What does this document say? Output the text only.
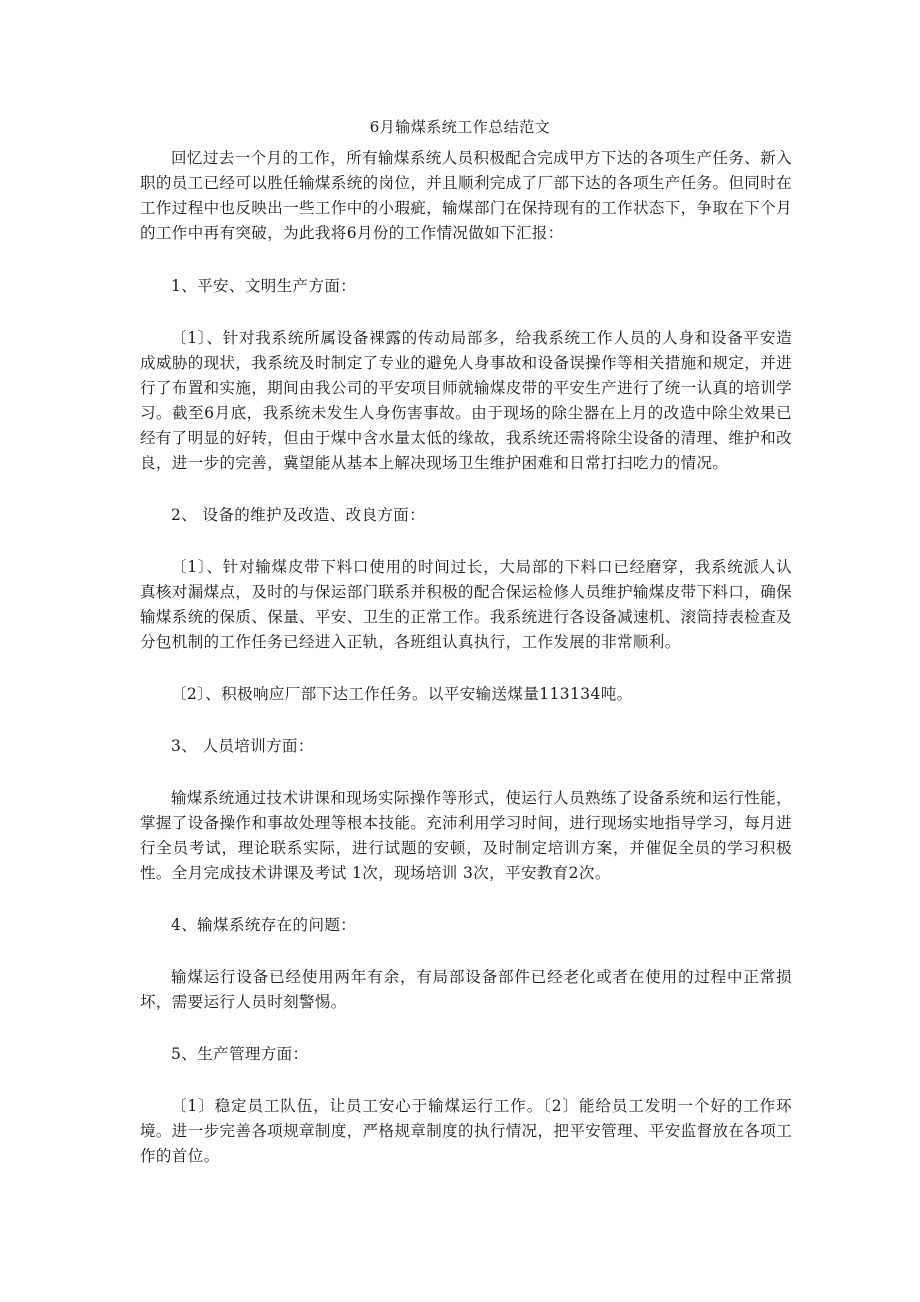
6月输煤系统工作总结范文

回忆过去一个月的工作，所有输煤系统人员积极配合完成甲方下达的各项生产任务、新入职的员工已经可以胜任输煤系统的岗位，并且顺利完成了厂部下达的各项生产任务。但同时在工作过程中也反映出一些工作中的小瑕疵，输煤部门在保持现有的工作状态下，争取在下个月的工作中再有突破，为此我将6月份的工作情况做如下汇报：

1、平安、文明生产方面：

〔1〕、针对我系统所属设备裸露的传动局部多，给我系统工作人员的人身和设备平安造成威胁的现状，我系统及时制定了专业的避免人身事故和设备误操作等相关措施和规定，并进行了布置和实施，期间由我公司的平安项目师就输煤皮带的平安生产进行了统一认真的培训学习。截至6月底，我系统未发生人身伤害事故。由于现场的除尘器在上月的改造中除尘效果已经有了明显的好转，但由于煤中含水量太低的缘故，我系统还需将除尘设备的清理、维护和改良，进一步的完善，冀望能从基本上解决现场卫生维护困难和日常打扫吃力的情况。

2、 设备的维护及改造、改良方面：

〔1〕、针对输煤皮带下料口使用的时间过长，大局部的下料口已经磨穿，我系统派人认真核对漏煤点，及时的与保运部门联系并积极的配合保运检修人员维护输煤皮带下料口，确保输煤系统的保质、保量、平安、卫生的正常工作。我系统进行各设备减速机、滚筒持表检查及分包机制的工作任务已经进入正轨，各班组认真执行，工作发展的非常顺利。

〔2〕、积极响应厂部下达工作任务。以平安输送煤量113134吨。

3、 人员培训方面：

输煤系统通过技术讲课和现场实际操作等形式，使运行人员熟练了设备系统和运行性能，掌握了设备操作和事故处理等根本技能。充沛利用学习时间，进行现场实地指导学习，每月进行全员考试，理论联系实际，进行试题的安顿，及时制定培训方案，并催促全员的学习积极性。全月完成技术讲课及考试 1次，现场培训 3次，平安教育2次。

4、输煤系统存在的问题：

输煤运行设备已经使用两年有余，有局部设备部件已经老化或者在使用的过程中正常损坏，需要运行人员时刻警惕。

5、生产管理方面：

〔1〕稳定员工队伍，让员工安心于输煤运行工作。〔2〕能给员工发明一个好的工作环境。进一步完善各项规章制度，严格规章制度的执行情况，把平安管理、平安监督放在各项工作的首位。
